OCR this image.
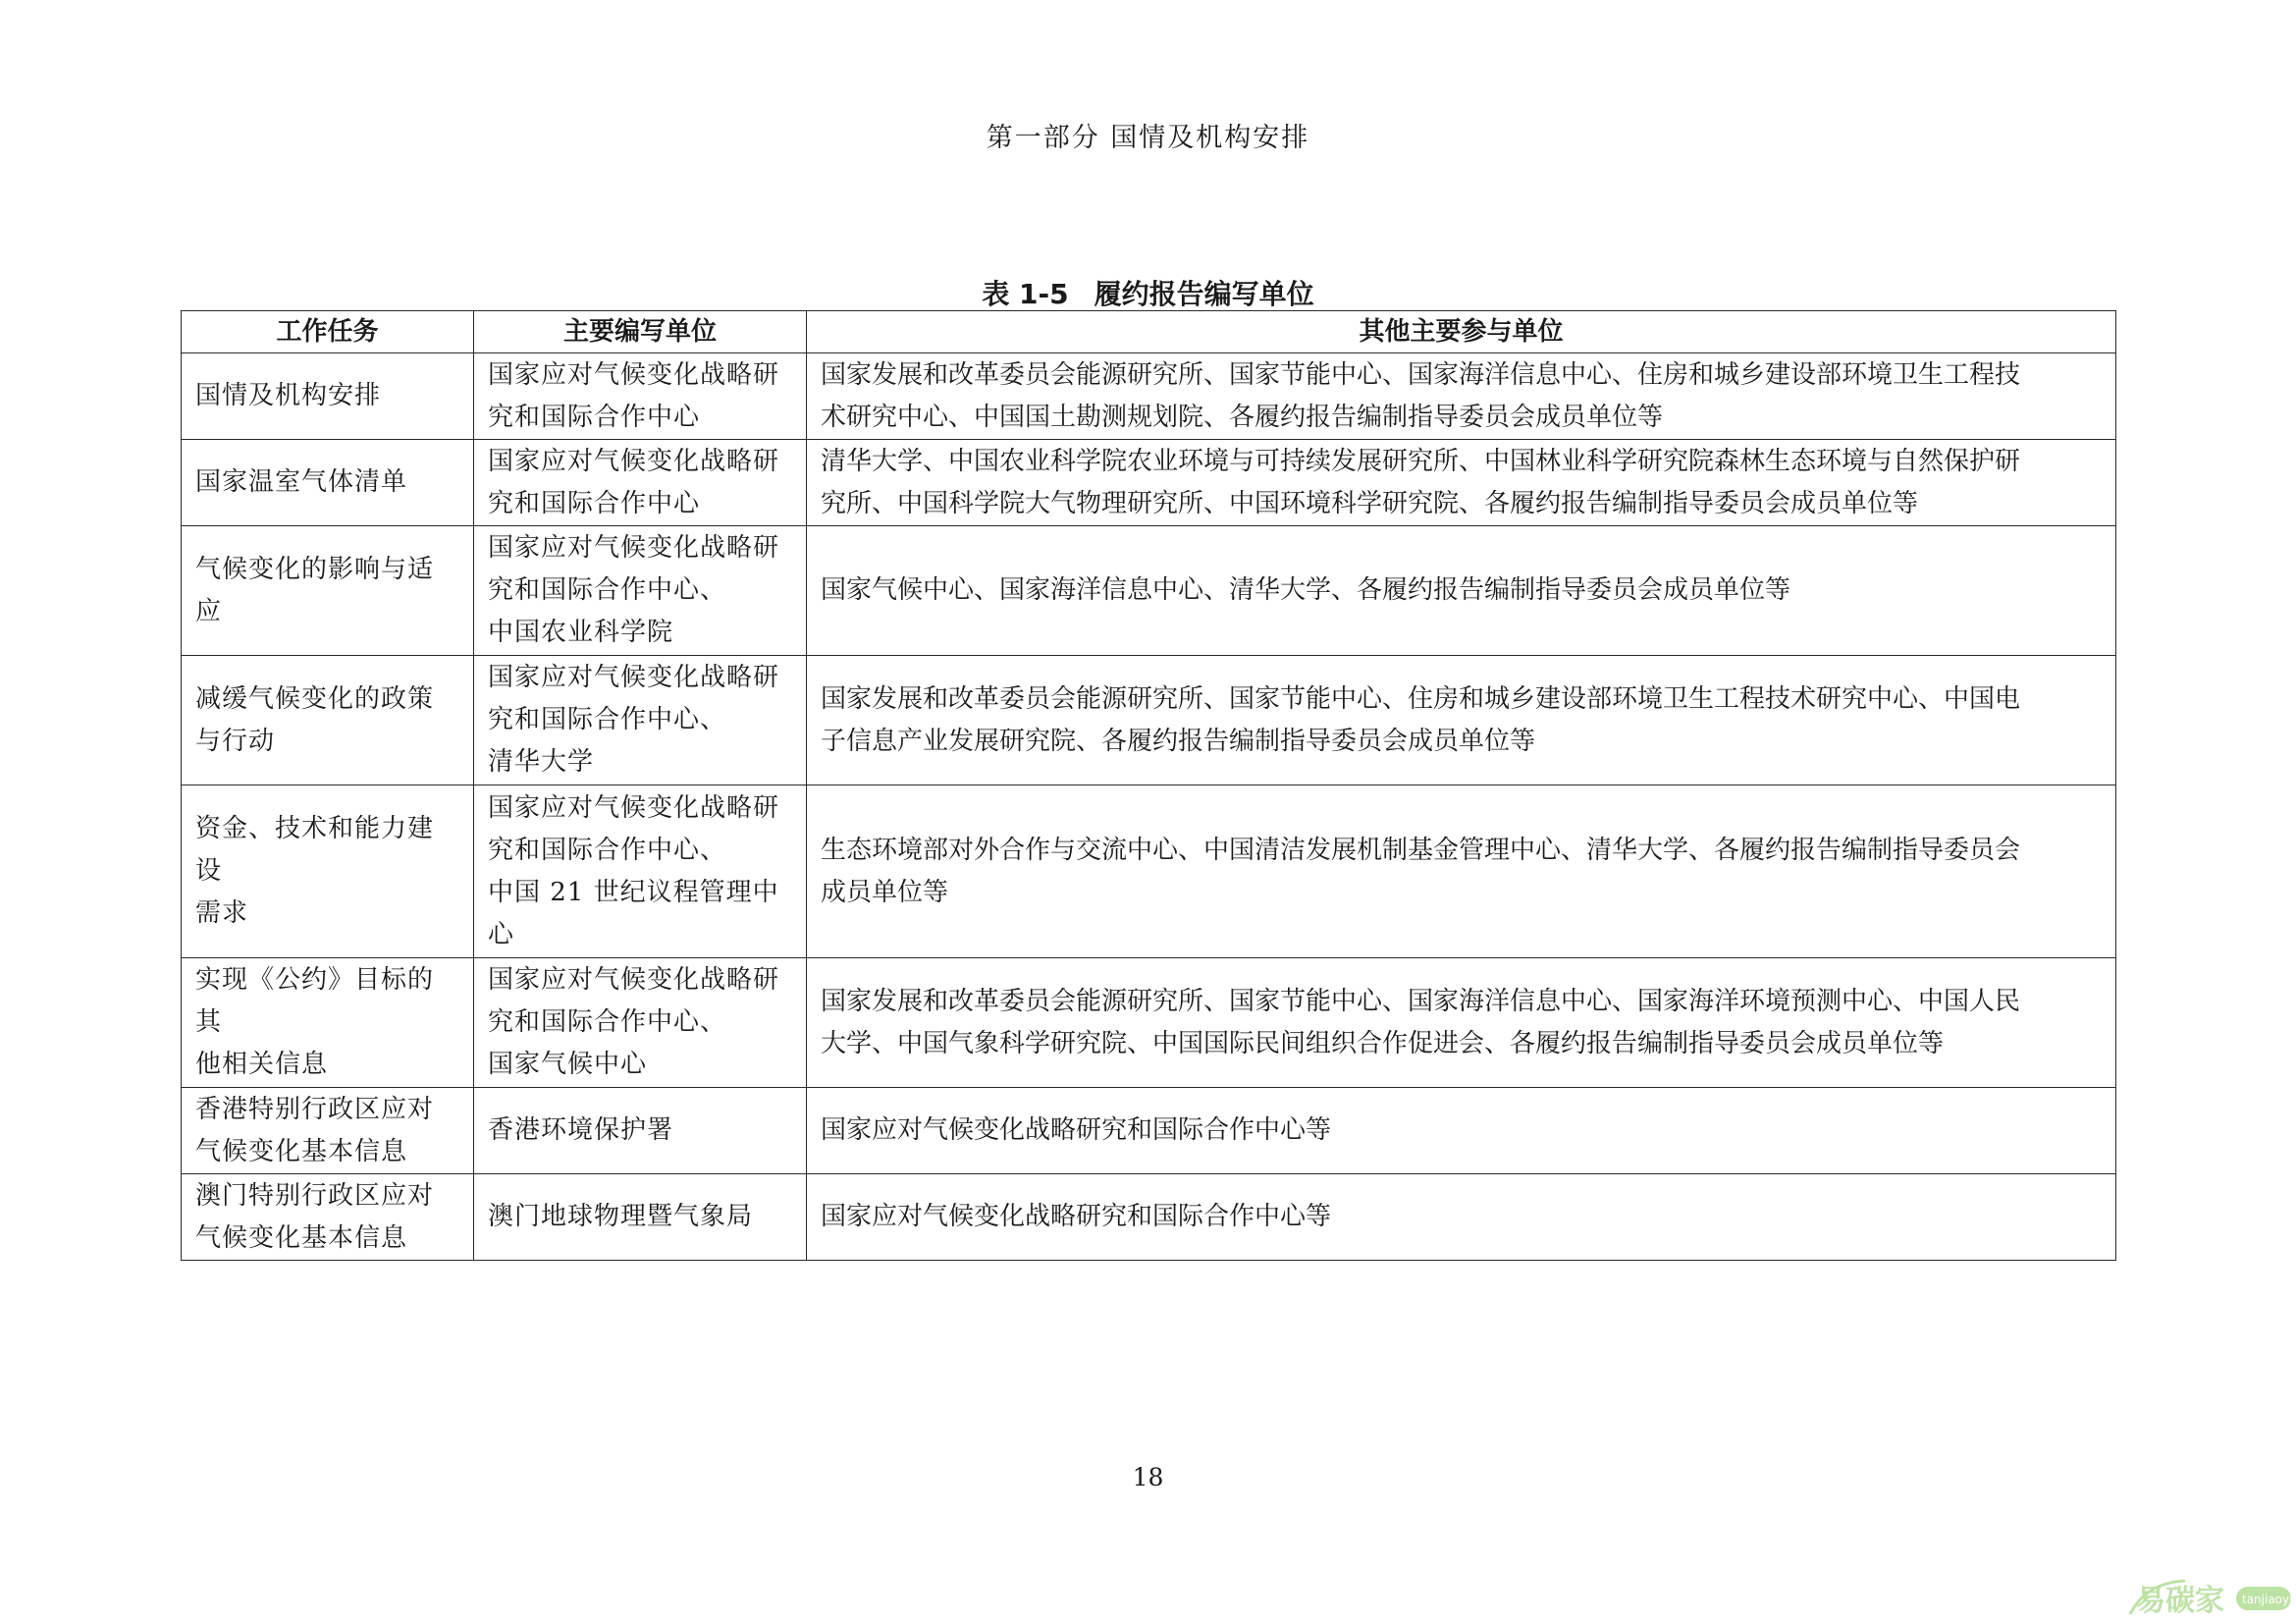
第一部分 国情及机构安排
表 1-5 履约报告编写单位
工作任务	主要编写单位	其他主要参与单位

国情及机构安排	国家应对气候变化战略研
究和国际合作中心	国家发展和改革委员会能源研究所、国家节能中心、国家海洋信息中心、住房和城乡建设部环境卫生工程技
术研究中心、中国国土勘测规划院、各履约报告编制指导委员会成员单位等

国家温室气体清单	国家应对气候变化战略研
究和国际合作中心	清华大学、中国农业科学院农业环境与可持续发展研究所、中国林业科学研究院森林生态环境与自然保护研
究所、中国科学院大气物理研究所、中国环境科学研究院、各履约报告编制指导委员会成员单位等

气候变化的影响与适
应	国家应对气候变化战略研
究和国际合作中心、
中国农业科学院	国家气候中心、国家海洋信息中心、清华大学、各履约报告编制指导委员会成员单位等

减缓气候变化的政策
与行动	国家应对气候变化战略研
究和国际合作中心、
清华大学	国家发展和改革委员会能源研究所、国家节能中心、住房和城乡建设部环境卫生工程技术研究中心、中国电
子信息产业发展研究院、各履约报告编制指导委员会成员单位等

资金、技术和能力建设
需求	国家应对气候变化战略研
究和国际合作中心、
中国 21 世纪议程管理中
心	生态环境部对外合作与交流中心、中国清洁发展机制基金管理中心、清华大学、各履约报告编制指导委员会
成员单位等

实现《公约》目标的其
他相关信息	国家应对气候变化战略研
究和国际合作中心、
国家气候中心	国家发展和改革委员会能源研究所、国家节能中心、国家海洋信息中心、国家海洋环境预测中心、中国人民
大学、中国气象科学研究院、中国国际民间组织合作促进会、各履约报告编制指导委员会成员单位等

香港特别行政区应对
气候变化基本信息	香港环境保护署	国家应对气候变化战略研究和国际合作中心等

澳门特别行政区应对
气候变化基本信息	澳门地球物理暨气象局	国家应对气候变化战略研究和国际合作中心等
18
易碳家 tanjiaoyi
